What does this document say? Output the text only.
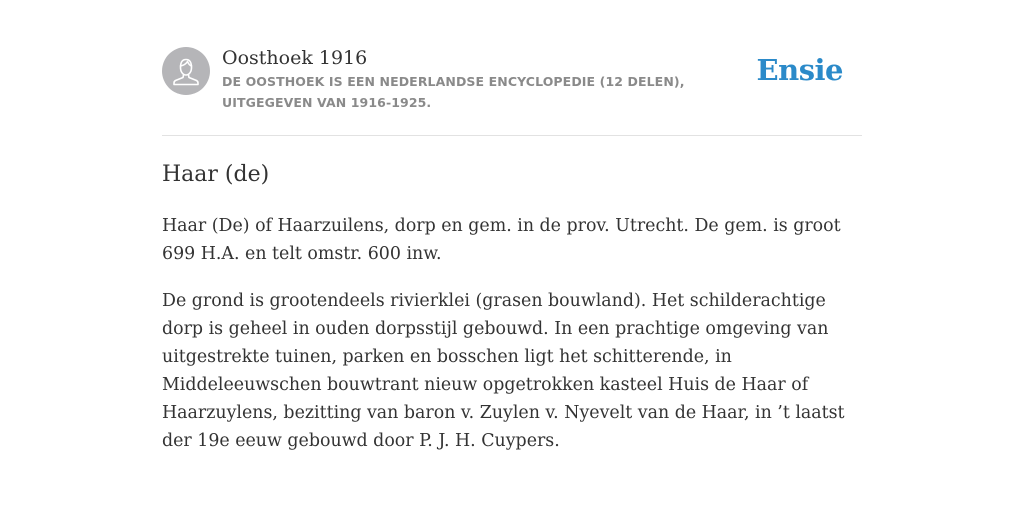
Oosthoek 1916
DE OOSTHOEK IS EEN NEDERLANDSE ENCYCLOPEDIE (12 DELEN), UITGEGEVEN VAN 1916-1925.
Ensie
Haar (de)

Haar (De) of Haarzuilens, dorp en gem. in de prov. Utrecht. De gem. is groot 699 H.A. en telt omstr. 600 inw.

De grond is grootendeels rivierklei (grasen bouwland). Het schilderachtige dorp is geheel in ouden dorpsstijl gebouwd. In een prachtige omgeving van uitgestrekte tuinen, parken en bosschen ligt het schitterende, in Middeleeuwschen bouwtrant nieuw opgetrokken kasteel Huis de Haar of Haarzuylens, bezitting van baron v. Zuylen v. Nyevelt van de Haar, in ’t laatst der 19e eeuw gebouwd door P. J. H. Cuypers.
